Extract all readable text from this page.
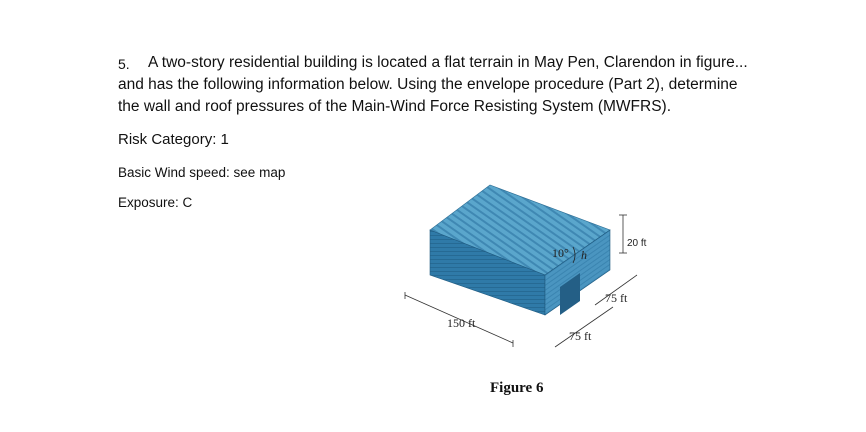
5.	A two-story residential building is located a flat terrain in May Pen, Clarendon in figure... and has the following information below. Using the envelope procedure (Part 2), determine the wall and roof pressures of the Main-Wind Force Resisting System (MWFRS).
Risk Category: 1
Basic Wind speed: see map
Exposure: C
150 ft
75 ft
75 ft
20 ft
10° h
Figure 6
